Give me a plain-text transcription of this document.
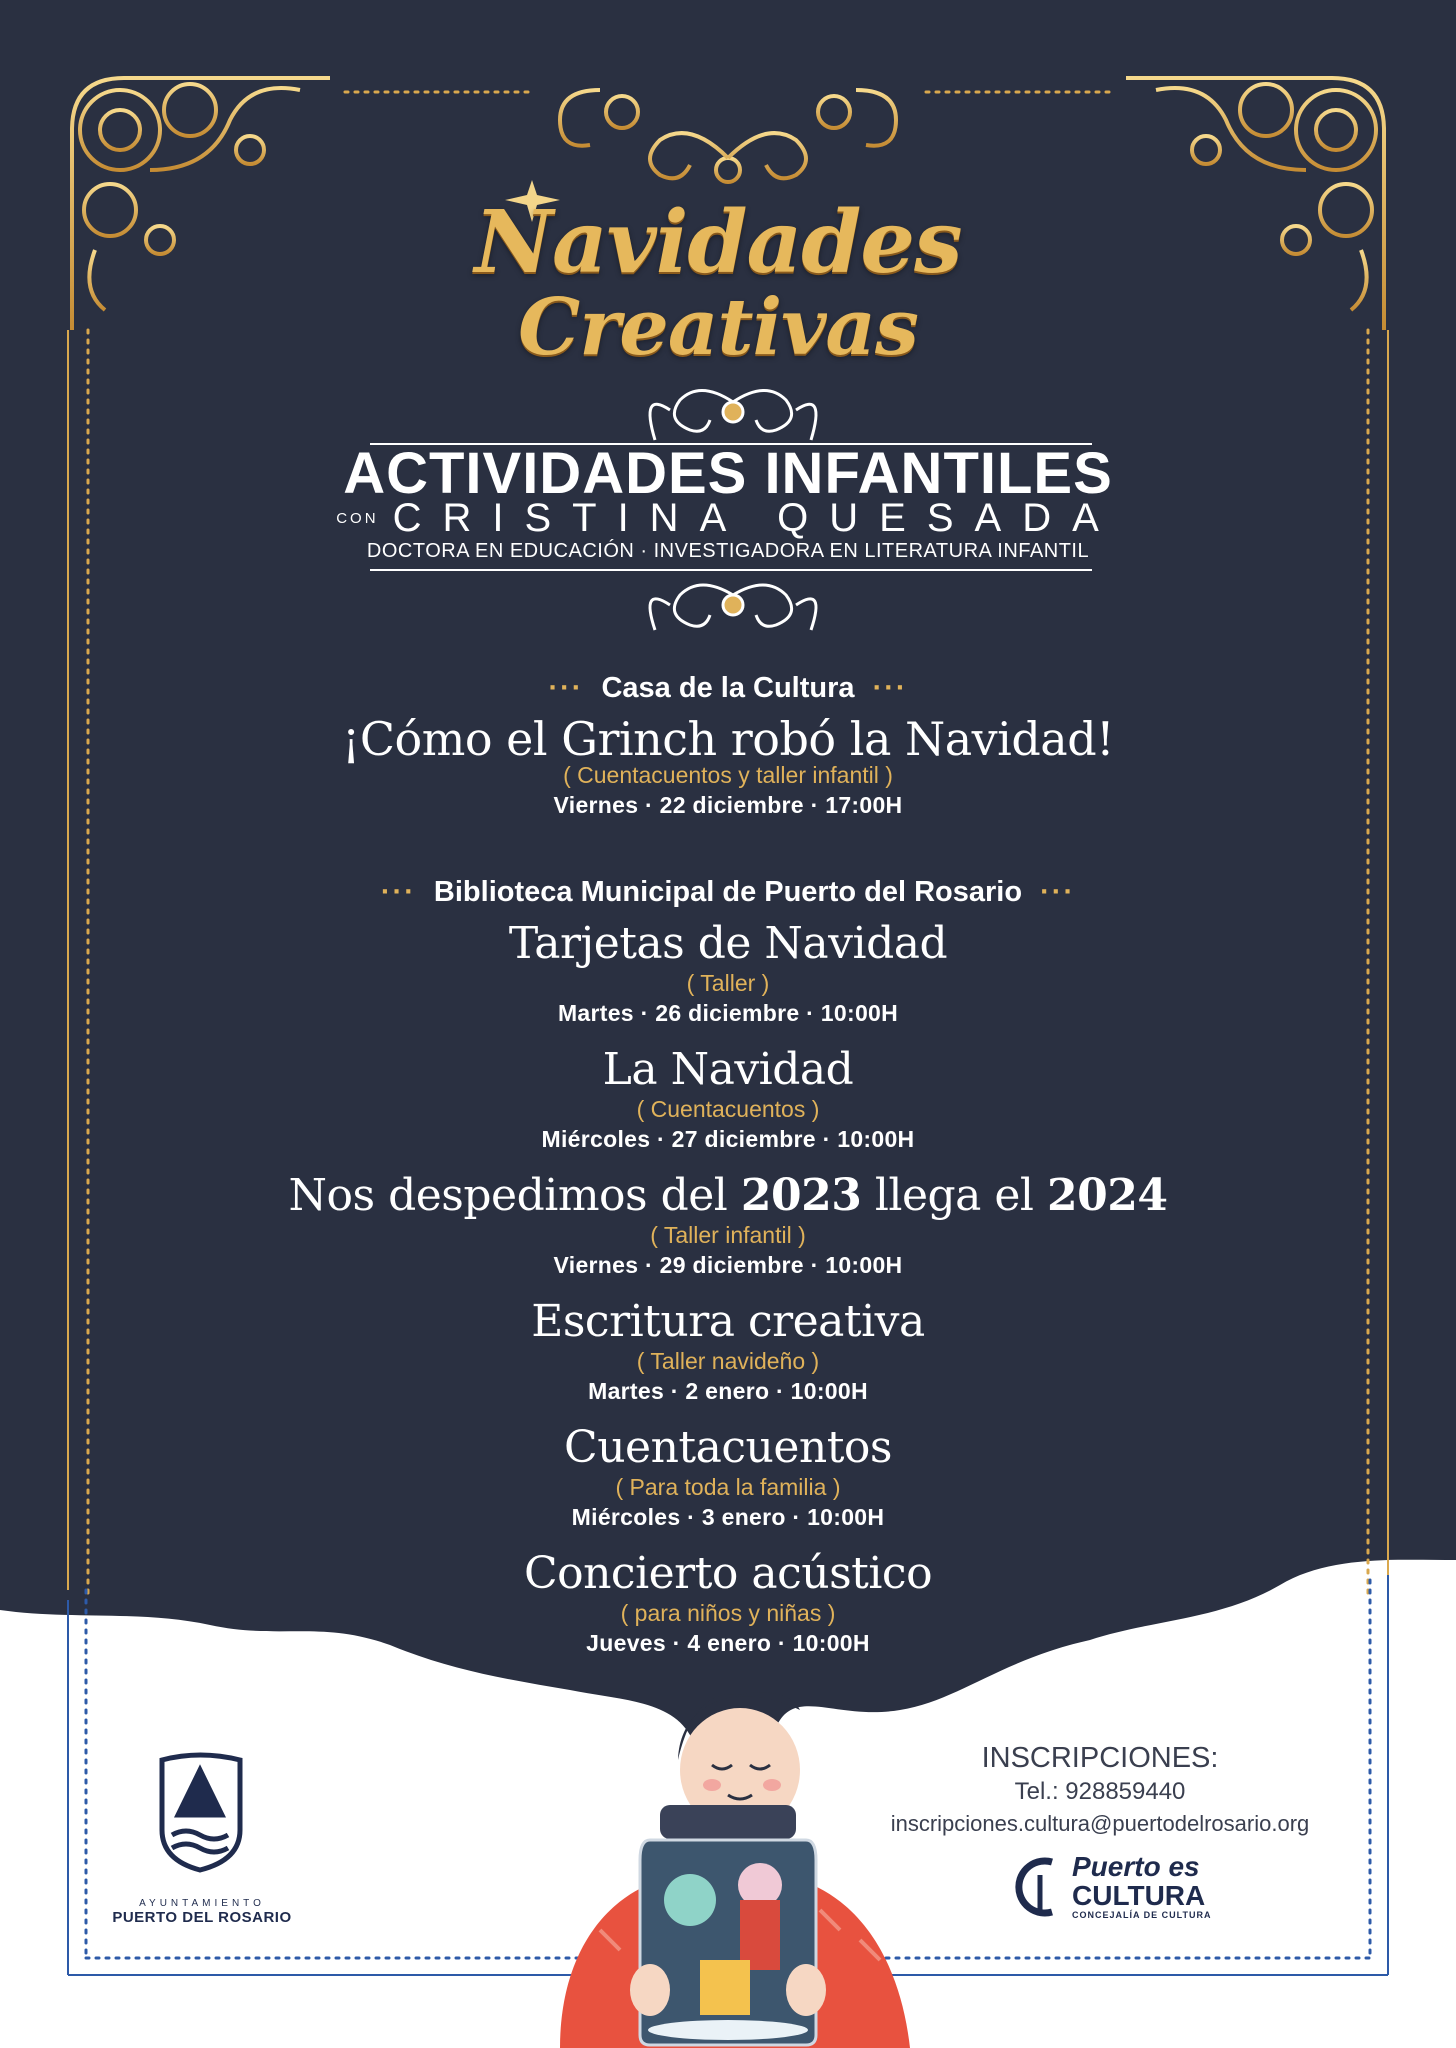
Navidades
Creativas
ACTIVIDADES INFANTILES
CON CRISTINA QUESADA
DOCTORA EN EDUCACIÓN · INVESTIGADORA EN LITERATURA INFANTIL
··· Casa de la Cultura ···
¡Cómo el Grinch robó la Navidad!
( Cuentacuentos y taller infantil )
Viernes · 22 diciembre · 17:00H
··· Biblioteca Municipal de Puerto del Rosario ···
Tarjetas de Navidad
( Taller )
Martes · 26 diciembre · 10:00H
La Navidad
( Cuentacuentos )
Miércoles · 27 diciembre · 10:00H
Nos despedimos del 2023 llega el 2024
( Taller infantil )
Viernes · 29 diciembre · 10:00H
Escritura creativa
( Taller navideño )
Martes · 2 enero · 10:00H
Cuentacuentos
( Para toda la familia )
Miércoles · 3 enero · 10:00H
Concierto acústico
( para niños y niñas )
Jueves · 4 enero · 10:00H
INSCRIPCIONES:
Tel.: 928859440
inscripciones.cultura@puertodelrosario.org
AYUNTAMIENTO
PUERTO DEL ROSARIO
Puerto es
CULTURA
CONCEJALÍA DE CULTURA
